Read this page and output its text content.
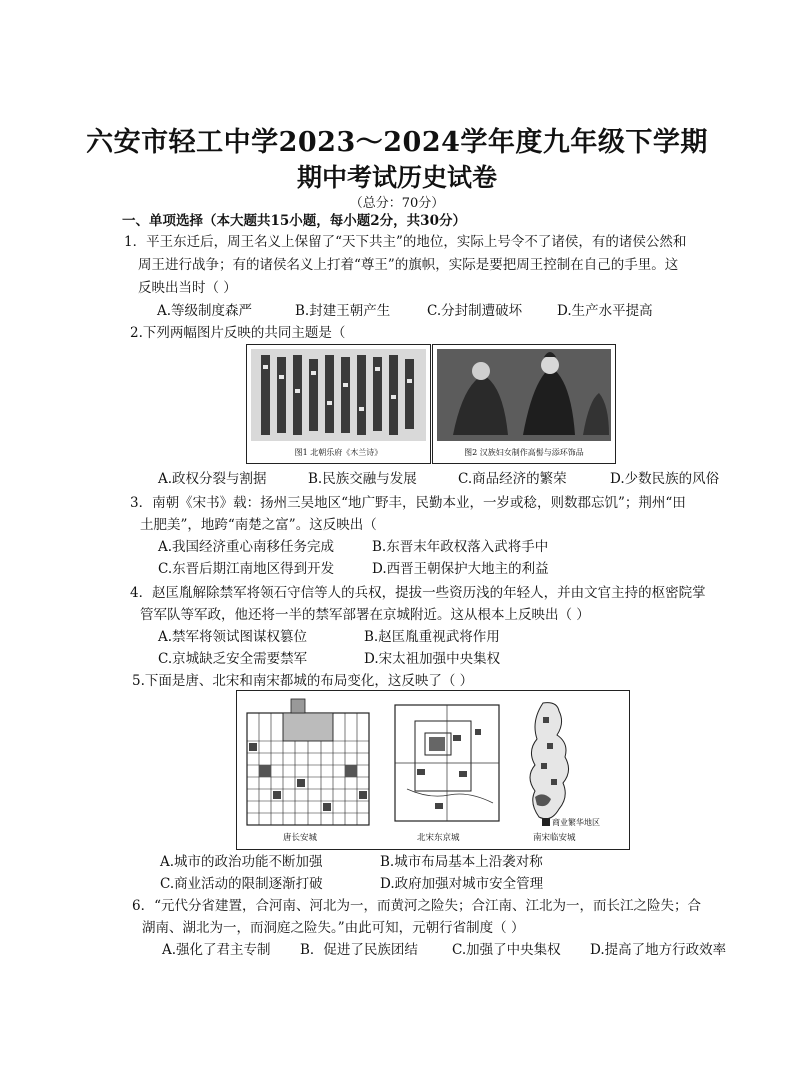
六安市轻工中学2023～2024学年度九年级下学期
期中考试历史试卷
（总分：70分）
一、单项选择（本大题共15小题，每小题2分，共30分）
1．平王东迁后，周王名义上保留了“天下共主”的地位，实际上号令不了诸侯，有的诸侯公然和
周王进行战争；有的诸侯名义上打着“尊王”的旗帜，实际是要把周王控制在自己的手里。这
反映出当时（ ）
A.等级制度森严	B.封建王朝产生	C.分封制遭破坏	D.生产水平提高
2.下列两幅图片反映的共同主题是（
图1 北朝乐府《木兰诗》	图2 汉族妇女制作高髻与添环饰品
A.政权分裂与割据	B.民族交融与发展	C.商品经济的繁荣	D.少数民族的风俗
3．南朝《宋书》载：扬州三吴地区“地广野丰，民勤本业，一岁或稔，则数郡忘饥”；荆州“田
土肥美”，地跨“南楚之富”。这反映出（
A.我国经济重心南移任务完成	B.东晋末年政权落入武将手中
C.东晋后期江南地区得到开发	D.西晋王朝保护大地主的利益
4．赵匡胤解除禁军将领石守信等人的兵权，提拔一些资历浅的年轻人，并由文官主持的枢密院掌
管军队等军政，他还将一半的禁军部署在京城附近。这从根本上反映出（ ）
A.禁军将领试图谋权篡位	B.赵匡胤重视武将作用
C.京城缺乏安全需要禁军	D.宋太祖加强中央集权
5.下面是唐、北宋和南宋都城的布局变化，这反映了（ ）
唐长安城	北宋东京城
商业繁华地区
南宋临安城
A.城市的政治功能不断加强	B.城市布局基本上沿袭对称
C.商业活动的限制逐渐打破	D.政府加强对城市安全管理
6．“元代分省建置，合河南、河北为一，而黄河之险失；合江南、江北为一，而长江之险失；合
湖南、湖北为一，而洞庭之险失。”由此可知，元朝行省制度（ ）
A.强化了君主专制 B．促进了民族团结	C.加强了中央集权 D.提高了地方行政效率
